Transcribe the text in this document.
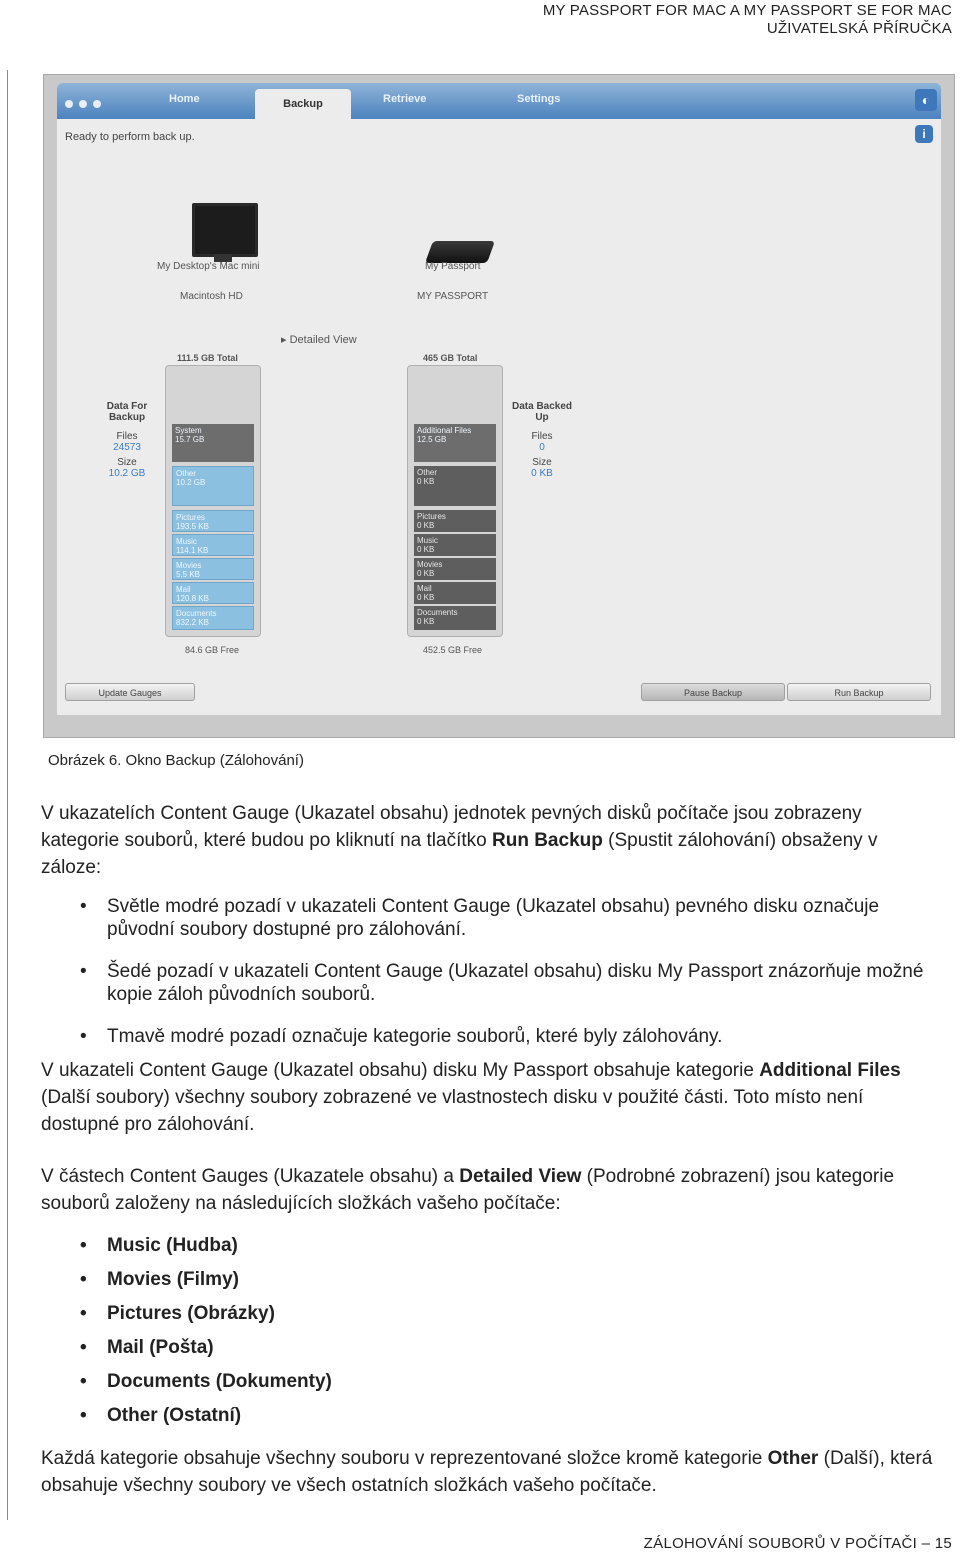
MY PASSPORT FOR MAC A MY PASSPORT SE FOR MAC
UŽIVATELSKÁ PŘÍRUČKA
Home	Backup	Retrieve	Settings	◐
i
Ready to perform back up.
My Desktop's Mac mini
Macintosh HD
My Passport
MY PASSPORT
▸ Detailed View
111.5 GB Total	465 GB Total
Data For Backup
Files
24573
Size
10.2 GB
Data Backed Up
Files
0
Size
0 KB
System
15.7 GB
Other
10.2 GB
Pictures
193.5 KB
Music
114.1 KB
Movies
5.5 KB
Mail
120.8 KB
Documents
832.2 KB
Additional Files
12.5 GB
Other
0 KB
Pictures
0 KB
Music
0 KB
Movies
0 KB
Mail
0 KB
Documents
0 KB
84.6 GB Free	452.5 GB Free
Update Gauges	Pause Backup	Run Backup
Obrázek 6. Okno Backup (Zálohování)
V ukazatelích Content Gauge (Ukazatel obsahu) jednotek pevných disků počítače jsou zobrazeny kategorie souborů, které budou po kliknutí na tlačítko Run Backup (Spustit zálohování) obsaženy v záloze:
• Světle modré pozadí v ukazateli Content Gauge (Ukazatel obsahu) pevného disku označuje původní soubory dostupné pro zálohování.
• Šedé pozadí v ukazateli Content Gauge (Ukazatel obsahu) disku My Passport znázorňuje možné kopie záloh původních souborů.
• Tmavě modré pozadí označuje kategorie souborů, které byly zálohovány.
V ukazateli Content Gauge (Ukazatel obsahu) disku My Passport obsahuje kategorie Additional Files (Další soubory) všechny soubory zobrazené ve vlastnostech disku v použité části. Toto místo není dostupné pro zálohování.
V částech Content Gauges (Ukazatele obsahu) a Detailed View (Podrobné zobrazení) jsou kategorie souborů založeny na následujících složkách vašeho počítače:
• Music (Hudba)
• Movies (Filmy)
• Pictures (Obrázky)
• Mail (Pošta)
• Documents (Dokumenty)
• Other (Ostatní)
Každá kategorie obsahuje všechny souboru v reprezentované složce kromě kategorie Other (Další), která obsahuje všechny soubory ve všech ostatních složkách vašeho počítače.
ZÁLOHOVÁNÍ SOUBORŮ V POČÍTAČI – 15
